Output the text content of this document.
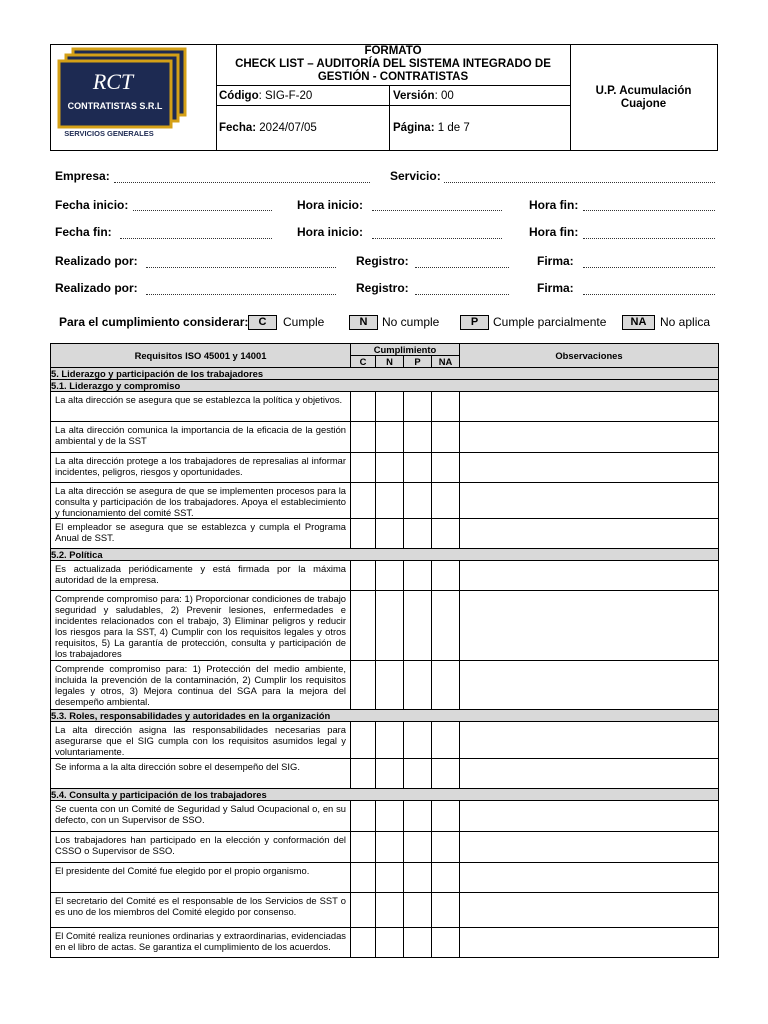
RCT
CONTRATISTAS S.R.L
SERVICIOS GENERALES
FORMATO
CHECK LIST – AUDITORÍA DEL SISTEMA INTEGRADO DE GESTIÓN - CONTRATISTAS
Código : SIG-F-20	Versión : 00
Fecha: 2024/07/05	Página: 1 de 7
U.P. Acumulación Cuajone
Empresa:	Servicio:
Fecha inicio:	Hora inicio:	Hora fin:
Fecha fin:	Hora inicio:	Hora fin:
Realizado por:	Registro:	Firma:
Realizado por:	Registro:	Firma:
Para el cumplimiento considerar: C	Cumple	N	No cumple	P	Cumple parcialmente	NA	No aplica
Requisitos ISO 45001 y 14001	Cumplimiento				Observaciones
	C	N	P	NA	
5. Liderazgo y participación de los trabajadores					
5.1. Liderazgo y compromiso					
La alta dirección se asegura que se establezca la política y objetivos.					
La alta dirección comunica la importancia de la eficacia de la gestión ambiental y de la SST					
La alta dirección protege a los trabajadores de represalias al informar incidentes, peligros, riesgos y oportunidades.					
La alta dirección se asegura de que se implementen procesos para la consulta y participación de los trabajadores. Apoya el establecimiento y funcionamiento del comité SST.					
El empleador se asegura que se establezca y cumpla el Programa Anual de SST.					
5.2. Política					
Es actualizada periódicamente y está firmada por la máxima autoridad de la empresa.					
Comprende compromiso para: 1) Proporcionar condiciones de trabajo seguridad y saludables, 2) Prevenir lesiones, enfermedades e incidentes relacionados con el trabajo, 3) Eliminar peligros y reducir los riesgos para la SST, 4) Cumplir con los requisitos legales y otros requisitos, 5) La garantía de protección, consulta y participación de los trabajadores					
Comprende compromiso para: 1) Protección del medio ambiente, incluida la prevención de la contaminación, 2) Cumplir los requisitos legales y otros, 3) Mejora continua del SGA para la mejora del desempeño ambiental.					
5.3. Roles, responsabilidades y autoridades en la organización					
La alta dirección asigna las responsabilidades necesarias para asegurarse que el SIG cumpla con los requisitos asumidos legal y voluntariamente.					
Se informa a la alta dirección sobre el desempeño del SIG.					
5.4. Consulta y participación de los trabajadores					
Se cuenta con un Comité de Seguridad y Salud Ocupacional o, en su defecto, con un Supervisor de SSO.					
Los trabajadores han participado en la elección y conformación del CSSO o Supervisor de SSO.					
El presidente del Comité fue elegido por el propio organismo.					
El secretario del Comité es el responsable de los Servicios de SST o es uno de los miembros del Comité elegido por consenso.					
El Comité realiza reuniones ordinarias y extraordinarias, evidenciadas en el libro de actas. Se garantiza el cumplimiento de los acuerdos.					
